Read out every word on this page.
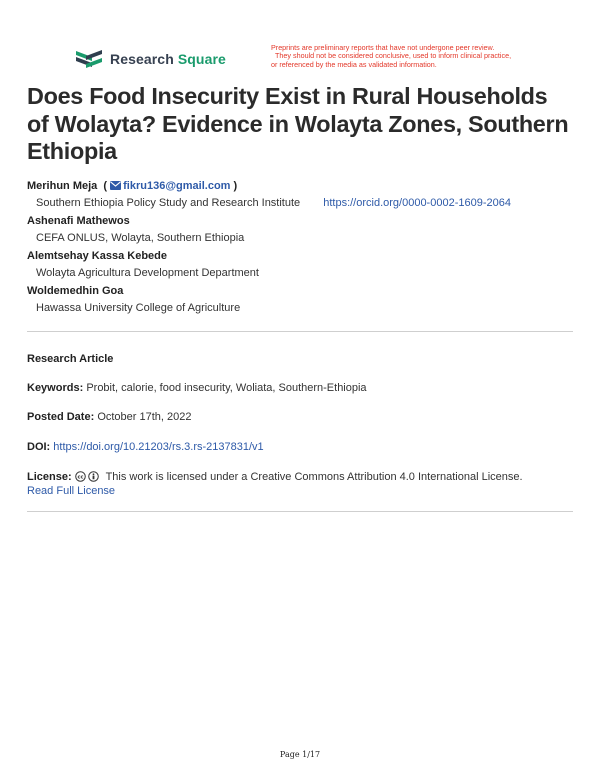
Research Square
Preprints are preliminary reports that have not undergone peer review.
They should not be considered conclusive, used to inform clinical practice,
or referenced by the media as validated information.
Does Food Insecurity Exist in Rural Households of Wolayta? Evidence in Wolayta Zones, Southern Ethiopia
Merihun Meja  ( fikru136@gmail.com )
Southern Ethiopia Policy Study and Research Institute https://orcid.org/0000-0002-1609-2064
Ashenafi Mathewos
CEFA ONLUS, Wolayta, Southern Ethiopia
Alemtsehay Kassa Kebede
Wolayta Agricultura Development Department
Woldemedhin Goa
Hawassa University College of Agriculture
Research Article
Keywords: Probit, calorie, food insecurity, Woliata, Southern-Ethiopia
Posted Date: October 17th, 2022
DOI: https://doi.org/10.21203/rs.3.rs-2137831/v1
License: cc This work is licensed under a Creative Commons Attribution 4.0 International License.
Read Full License
Page 1/17
